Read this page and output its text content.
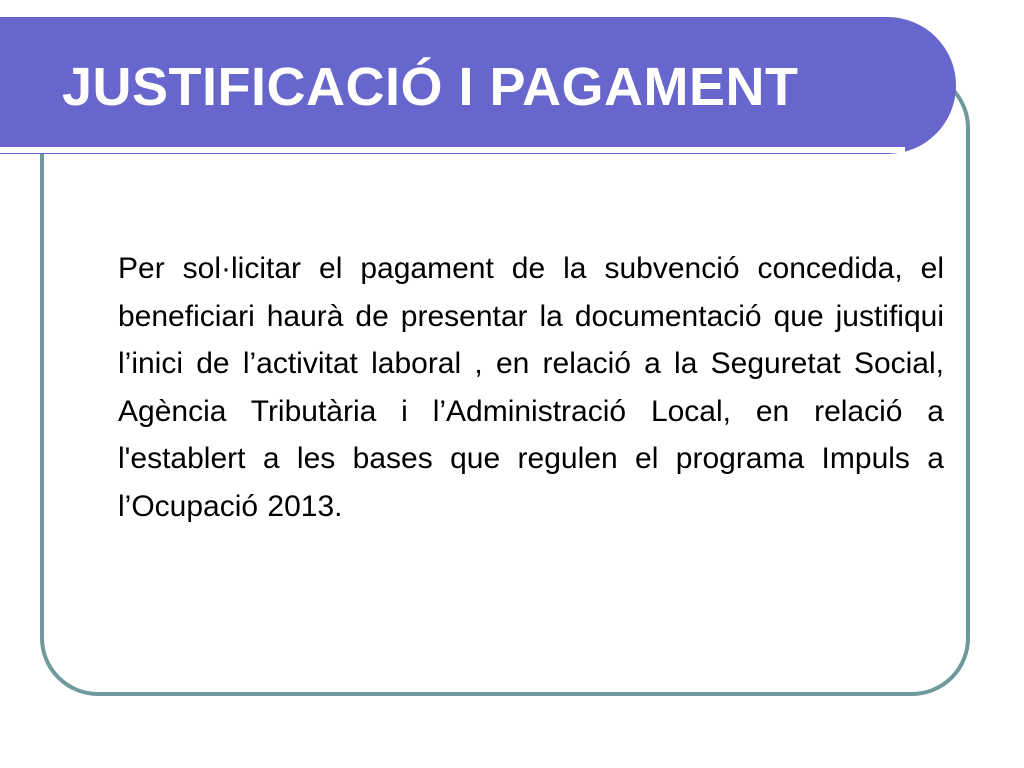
JUSTIFICACIÓ I PAGAMENT

Per sol·licitar el pagament de la subvenció concedida, el beneficiari haurà de presentar la documentació que justifiqui l’inici de l’activitat laboral , en relació a la Seguretat Social, Agència Tributària i l’Administració Local, en relació a l'establert a les bases que regulen el programa Impuls a l’Ocupació 2013.
